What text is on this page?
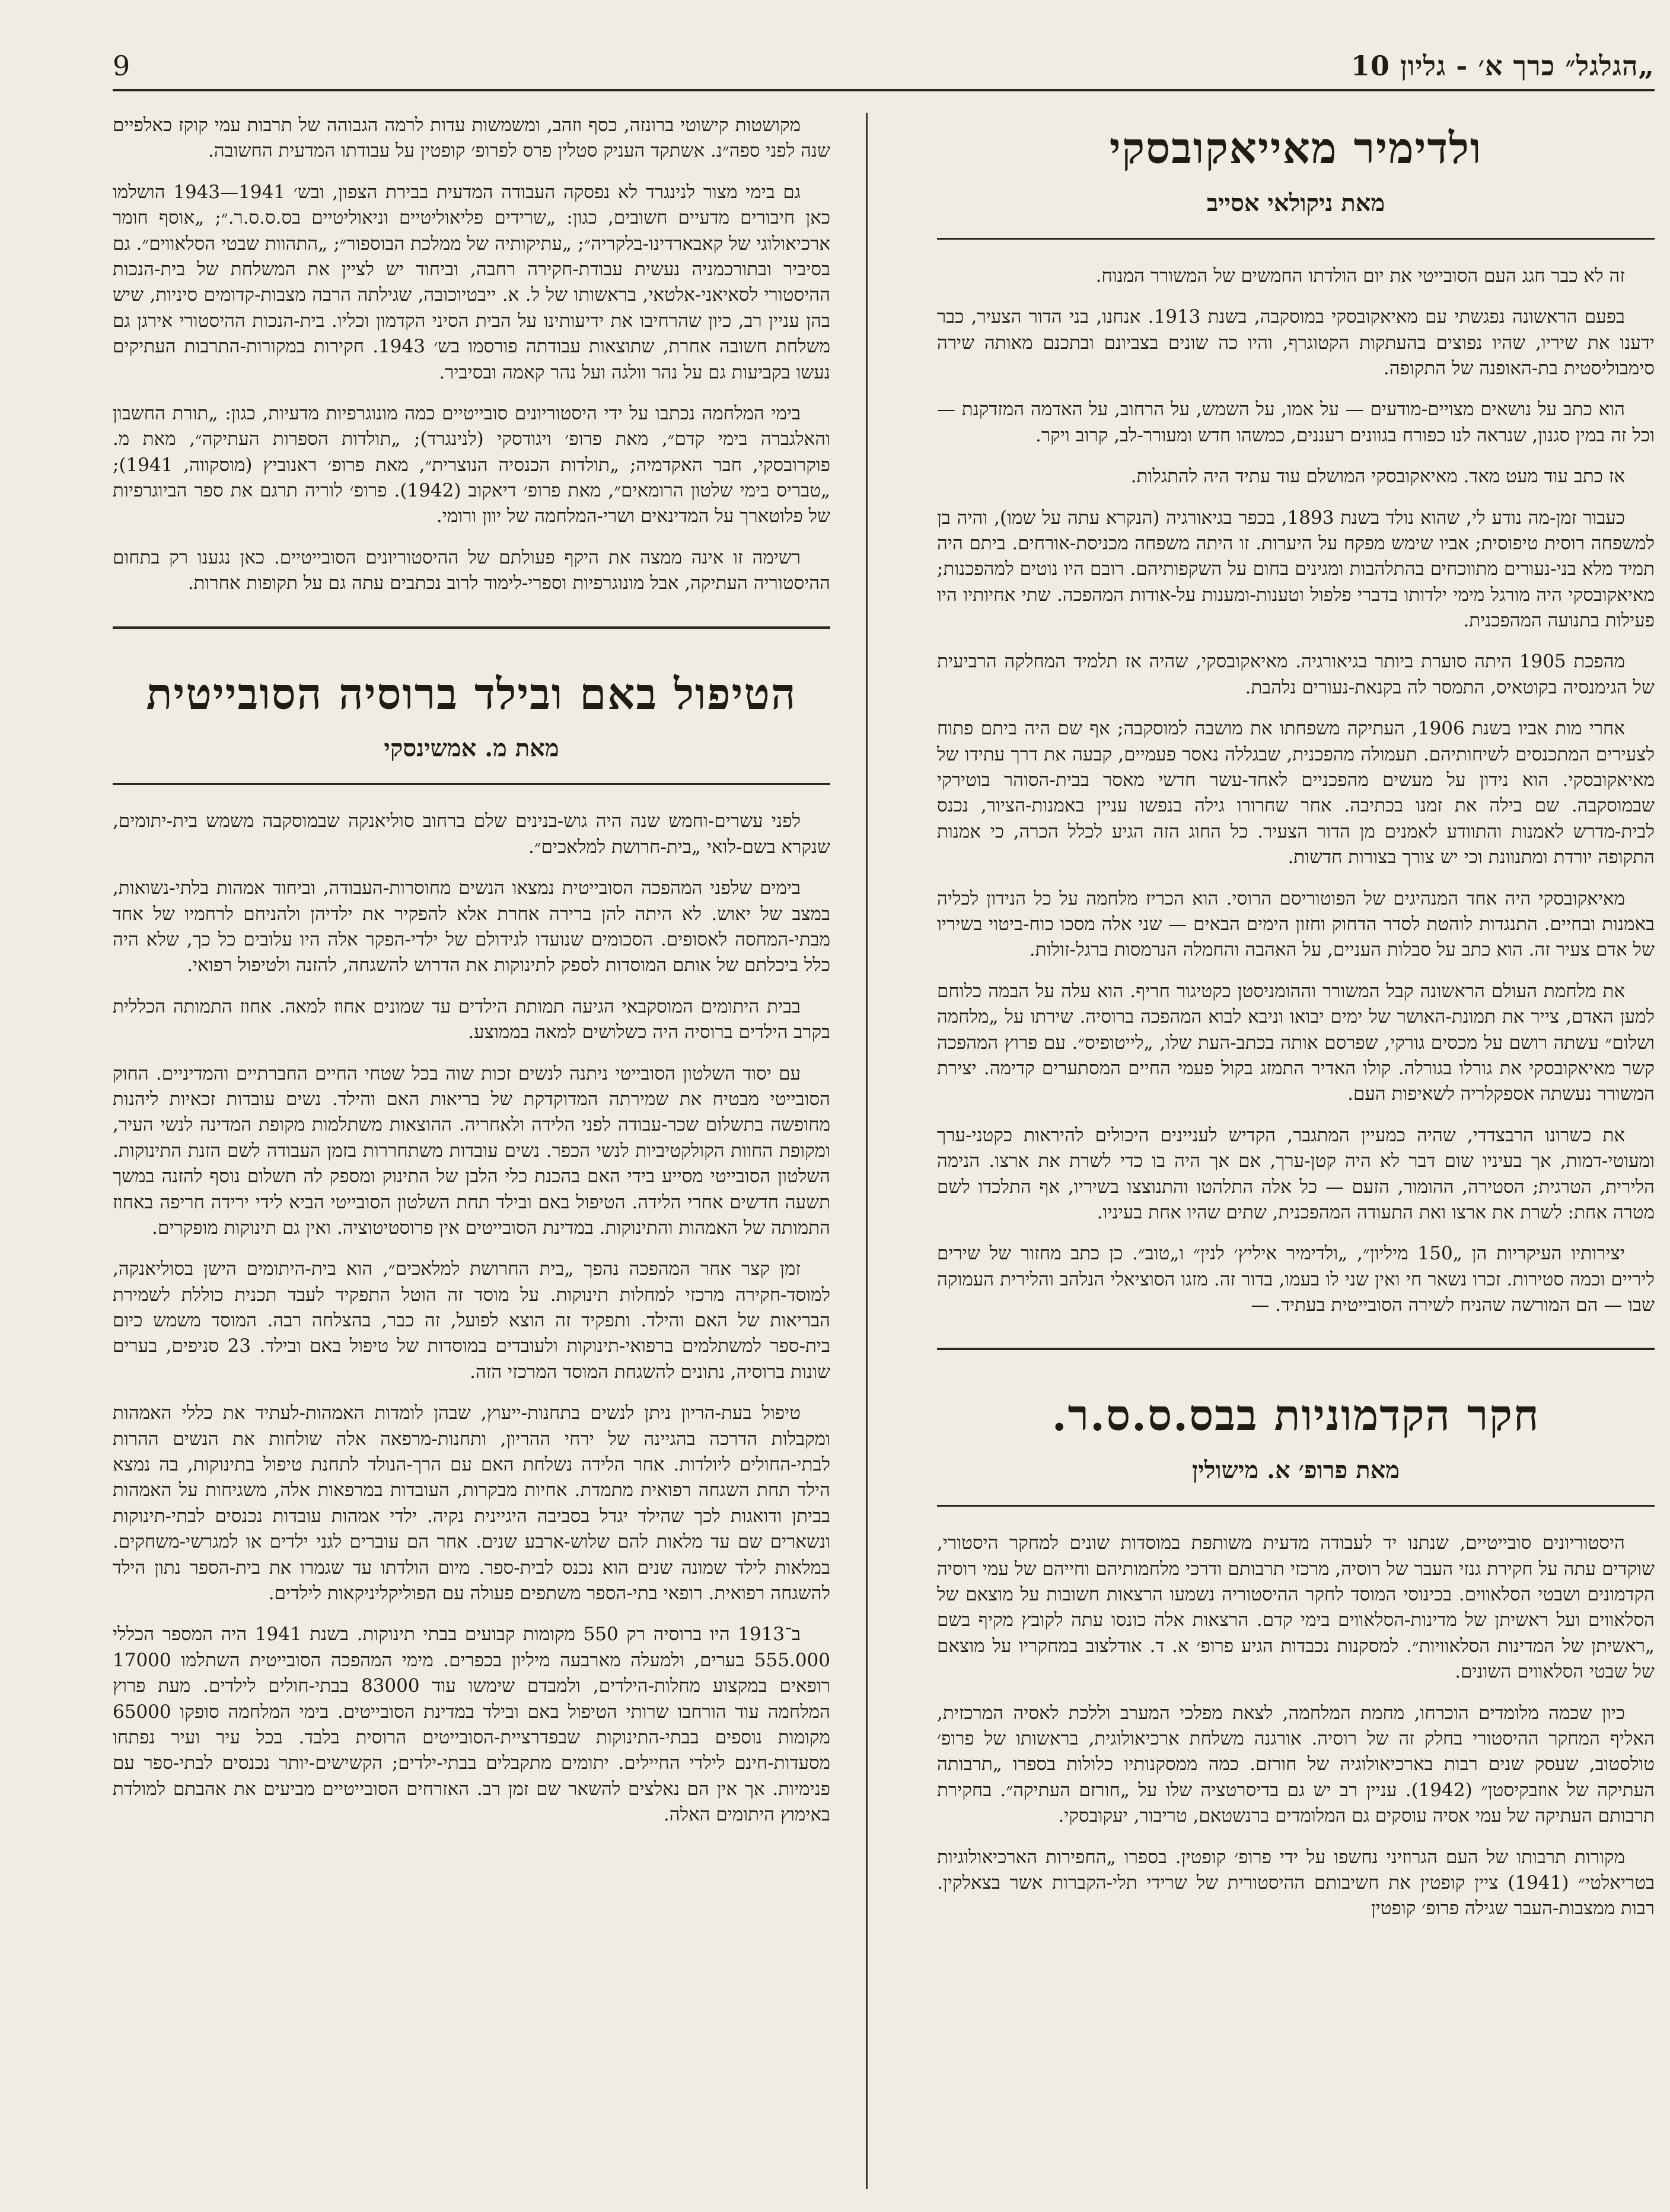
„הגלגל״ כרך א׳ - גליון 10
9
ולדימיר מאייאקובסקי
מאת ניקולאי אסייב

זה לא כבר חגג העם הסובייטי את יום הולדתו החמשים של המשורר המנוח.

בפעם הראשונה נפגשתי עם מאיאקובסקי במוסקבה, בשנת 1913. אנחנו, בני הדור הצעיר, כבר ידענו את שיריו, שהיו נפוצים בהעתקות הקטוגרף, והיו כה שונים בצביונם ובתכנם מאותה שירה סימבוליסטית בת-האופנה של התקופה.

הוא כתב על נושאים מצויים-מודעים — על אמו, על השמש, על הרחוב, על האדמה המזדקנת — וכל זה במין סגנון, שנראה לנו כפורח בגוונים רעננים, כמשהו חדש ומעורר-לב, קרוב ויקר.

אז כתב עוד מעט מאד. מאיאקובסקי המושלם עוד עתיד היה להתגלות.

כעבור זמן-מה נודע לי, שהוא נולד בשנת 1893, בכפר בגיאורגיה (הנקרא עתה על שמו), והיה בן למשפחה רוסית טיפוסית; אביו שימש מפקח על היערות. זו היתה משפחה מכניסת-אורחים. ביתם היה תמיד מלא בני-נעורים מתווכחים בהתלהבות ומגינים בחום על השקפותיהם. רובם היו נוטים למהפכנות; מאיאקובסקי היה מורגל מימי ילדותו בדברי פלפול וטענות-ומענות על-אודות המהפכה. שתי אחיותיו היו פעילות בתנועה המהפכנית.

מהפכת 1905 היתה סוערת ביותר בגיאורגיה. מאיאקובסקי, שהיה אז תלמיד המחלקה הרביעית של הגימנסיה בקוטאיס, התמסר לה בקנאת-נעורים נלהבת.

אחרי מות אביו בשנת 1906, העתיקה משפחתו את מושבה למוסקבה; אף שם היה ביתם פתוח לצעירים המתכנסים לשיחותיהם. תעמולה מהפכנית, שבגללה נאסר פעמיים, קבעה את דרך עתידו של מאיאקובסקי. הוא נידון על מעשים מהפכניים לאחד-עשר חדשי מאסר בבית-הסוהר בוטירקי שבמוסקבה. שם בילה את זמנו בכתיבה. אחר שחרורו גילה בנפשו עניין באמנות-הציור, נכנס לבית-מדרש לאמנות והתוודע לאמנים מן הדור הצעיר. כל החוג הזה הגיע לכלל הכרה, כי אמנות התקופה יורדת ומתנוונת וכי יש צורך בצורות חדשות.

מאיאקובסקי היה אחד המנהיגים של הפוטוריסם הרוסי. הוא הכריז מלחמה על כל הנידון לכליה באמנות ובחיים. התנגדות לוהטת לסדר הדחוק וחזון הימים הבאים — שני אלה מסכו כוח-ביטוי בשיריו של אדם צעיר זה. הוא כתב על סבלות העניים, על האהבה והחמלה הנרמסות ברגל-זולות.

את מלחמת העולם הראשונה קבל המשורר וההומניסטן כקטיגור חריף. הוא עלה על הבמה כלוחם למען האדם, צייר את תמונת-האושר של ימים יבואו וניבא לבוא המהפכה ברוסיה. שירתו על „מלחמה ושלום״ עשתה רושם על מכסים גורקי, שפרסם אותה בכתב-העת שלו, „לייטופיס״. עם פרוץ המהפכה קשר מאיאקובסקי את גורלו בגורלה. קולו האדיר התמזג בקול פעמי החיים המסתערים קדימה. יצירת המשורר נעשתה אספקלריה לשאיפות העם.

את כשרונו הרבצדדי, שהיה כמעיין המתגבר, הקדיש לעניינים היכולים להיראות כקטני-ערך ומעוטי-דמות, אך בעיניו שום דבר לא היה קטן-ערך, אם אך היה בו כדי לשרת את ארצו. הנימה הלירית, הטרגית; הסטירה, ההומור, הזעם — כל אלה התלהטו והתנוצצו בשיריו, אף התלכדו לשם מטרה אחת: לשרת את ארצו ואת התעודה המהפכנית, שתים שהיו אחת בעיניו.

יצירותיו העיקריות הן „150 מיליון״, „ולדימיר איליץ׳ לנין״ ו„טוב״. כן כתב מחזור של שירים ליריים וכמה סטירות. זכרו נשאר חי ואין שני לו בעמו, בדור זה. מזגו הסוציאלי הנלהב והלירית העמוקה שבו — הם המורשה שהניח לשירה הסובייטית בעתיד. —

חקר הקדמוניות בבס.ס.ס.ר.
מאת פרופ׳ א. מישולין

היסטוריונים סובייטיים, שנתנו יד לעבודה מדעית משותפת במוסדות שונים למחקר היסטורי, שוקדים עתה על חקירת גנזי העבר של רוסיה, מרכזי תרבותם ודרכי מלחמותיהם וחייהם של עמי רוסיה הקדמונים ושבטי הסלאווים. בכינוסי המוסד לחקר ההיסטוריה נשמעו הרצאות חשובות על מוצאם של הסלאווים ועל ראשיתן של מדינות-הסלאווים בימי קדם. הרצאות אלה כונסו עתה לקובץ מקיף בשם „ראשיתן של המדינות הסלאוויות״. למסקנות נכבדות הגיע פרופ׳ א. ד. אודלצוב במחקריו על מוצאם של שבטי הסלאווים השונים.

כיון שכמה מלומדים הוכרחו, מחמת המלחמה, לצאת מפלכי המערב וללכת לאסיה המרכזית, האליף המחקר ההיסטורי בחלק זה של רוסיה. אורגנה משלחת ארכיאולוגית, בראשותו של פרופ׳ טולסטוב, שעסק שנים רבות בארכיאולוגיה של חורזם. כמה ממסקנותיו כלולות בספרו „תרבותה העתיקה של אוזבקיסטן״ (1942). עניין רב יש גם בדיסרטציה שלו על „חורזם העתיקה״. בחקירת תרבותם העתיקה של עמי אסיה עוסקים גם המלומדים ברנשטאם, טריבור, יעקובסקי.

מקורות תרבותו של העם הגרוזיני נחשפו על ידי פרופ׳ קופטין. בספרו „החפירות הארכיאולוגיות בטריאלטי״ (1941) ציין קופטין את חשיבותם ההיסטורית של שרידי תלי-הקברות אשר בצאלקין. רבות ממצבות-העבר שגילה פרופ׳ קופטין

מקושטות קישוטי ברונזה, כסף וזהב, ומשמשות עדות לרמה הגבוהה של תרבות עמי קוקז כאלפיים שנה לפני ספה״נ. אשתקד העניק סטלין פרס לפרופ׳ קופטין על עבודתו המדעית החשובה.

גם בימי מצור לנינגרד לא נפסקה העבודה המדעית בבירת הצפון, ובש׳ 1941—1943 הושלמו כאן חיבורים מדעיים חשובים, כגון: „שרידים פליאוליטיים וניאוליטיים בס.ס.ס.ר.״; „אוסף חומר ארכיאולוגי של קאבארדינו-בלקריה״; „עתיקותיה של ממלכת הבוספור״; „התהוות שבטי הסלאווים״. גם בסיביר ובתורכמניה נעשית עבודת-חקירה רחבה, וביחוד יש לציין את המשלחת של בית-הנכות ההיסטורי לסאיאני-אלטאי, בראשותו של ל. א. ייבטיוכובה, שגילתה הרבה מצבות-קדומים סיניות, שיש בהן עניין רב, כיון שהרחיבו את ידיעותינו על הבית הסיני הקדמון וכליו. בית-הנכות ההיסטורי אירגן גם משלחת חשובה אחרת, שתוצאות עבודתה פורסמו בש׳ 1943. חקירות במקורות-התרבות העתיקים נעשו בקביעות גם על נהר וולגה ועל נהר קאמה ובסיביר.

בימי המלחמה נכתבו על ידי היסטוריונים סובייטיים כמה מונוגרפיות מדעיות, כגון: „תורת החשבון והאלגברה בימי קדם״, מאת פרופ׳ ויגודסקי (לנינגרד); „תולדות הספרות העתיקה״, מאת מ. פוקרובסקי, חבר האקדמיה; „תולדות הכנסיה הנוצרית״, מאת פרופ׳ ראנוביץ (מוסקווה, 1941); „טבריס בימי שלטון הרומאים״, מאת פרופ׳ דיאקוב (1942). פרופ׳ לוריה תרגם את ספר הביוגרפיות של פלוטארך על המדינאים ושרי-המלחמה של יוון ורומי.

רשימה זו אינה ממצה את היקף פעולתם של ההיסטוריונים הסובייטיים. כאן נגענו רק בתחום ההיסטוריה העתיקה, אבל מונוגרפיות וספרי-לימוד לרוב נכתבים עתה גם על תקופות אחרות.

הטיפול באם ובילד ברוסיה הסובייטית
מאת מ. אמשינסקי

לפני עשרים-וחמש שנה היה גוש-בנינים שלם ברחוב סוליאנקה שבמוסקבה משמש בית-יתומים, שנקרא בשם-לואי „בית-חרושת למלאכים״.

בימים שלפני המהפכה הסובייטית נמצאו הנשים מחוסרות-העבודה, וביחוד אמהות בלתי-נשואות, במצב של יאוש. לא היתה להן ברירה אחרת אלא להפקיר את ילדיהן ולהניחם לרחמיו של אחד מבתי-המחסה לאסופים. הסכומים שנועדו לגידולם של ילדי-הפקר אלה היו עלובים כל כך, שלא היה כלל ביכלתם של אותם המוסדות לספק לתינוקות את הדרוש להשגחה, להזנה ולטיפול רפואי.

בבית היתומים המוסקבאי הגיעה תמותת הילדים עד שמונים אחוז למאה. אחוז התמותה הכללית בקרב הילדים ברוסיה היה כשלושים למאה בממוצע.

עם יסוד השלטון הסובייטי ניתנה לנשים זכות שוה בכל שטחי החיים החברתיים והמדיניים. החוק הסובייטי מבטיח את שמירתה המדוקדקת של בריאות האם והילד. נשים עובדות זכאיות ליהנות מחופשה בתשלום שכר-עבודה לפני הלידה ולאחריה. ההוצאות משתלמות מקופת המדינה לנשי העיר, ומקופת החוות הקולקטיביות לנשי הכפר. נשים עובדות משתחררות בזמן העבודה לשם הזנת התינוקות. השלטון הסובייטי מסייע בידי האם בהכנת כלי הלבן של התינוק ומספק לה תשלום נוסף להזנה במשך תשעה חדשים אחרי הלידה. הטיפול באם ובילד תחת השלטון הסובייטי הביא לידי ירידה חריפה באחוז התמותה של האמהות והתינוקות. במדינת הסובייטים אין פרוסטיטוציה. ואין גם תינוקות מופקרים.

זמן קצר אחר המהפכה נהפך „בית החרושת למלאכים״, הוא בית-היתומים הישן בסוליאנקה, למוסד-חקירה מרכזי למחלות תינוקות. על מוסד זה הוטל התפקיד לעבד תכנית כוללת לשמירת הבריאות של האם והילד. ותפקיד זה הוצא לפועל, זה כבר, בהצלחה רבה. המוסד משמש כיום בית-ספר למשתלמים ברפואי-תינוקות ולעובדים במוסדות של טיפול באם ובילד. 23 סניפים, בערים שונות ברוסיה, נתונים להשגחת המוסד המרכזי הזה.

טיפול בעת-הריון ניתן לנשים בתחנות-ייעוץ, שבהן לומדות האמהות-לעתיד את כללי האמהות ומקבלות הדרכה בהגיינה של ירחי ההריון, ותחנות-מרפאה אלה שולחות את הנשים ההרות לבתי-החולים ליולדות. אחר הלידה נשלחת האם עם הרך-הנולד לתחנת טיפול בתינוקות, בה נמצא הילד תחת השגחה רפואית מתמדת. אחיות מבקרות, העובדות במרפאות אלה, משגיחות על האמהות בביתן ודואגות לכך שהילד יגדל בסביבה היגיינית נקיה. ילדי אמהות עובדות נכנסים לבתי-תינוקות ונשארים שם עד מלאות להם שלוש-ארבע שנים. אחר הם עוברים לגני ילדים או למגרשי-משחקים. במלאות לילד שמונה שנים הוא נכנס לבית-ספר. מיום הולדתו עד שגמרו את בית-הספר נתון הילד להשגחה רפואית. רופאי בתי-הספר משתפים פעולה עם הפוליקליניקאות לילדים.

ב־1913 היו ברוסיה רק 550 מקומות קבועים בבתי תינוקות. בשנת 1941 היה המספר הכללי 555.000 בערים, ולמעלה מארבעה מיליון בכפרים. מימי המהפכה הסובייטית השתלמו 17000 רופאים במקצוע מחלות-הילדים, ולמבדם שימשו עוד 83000 בבתי-חולים לילדים. מעת פרוץ המלחמה עוד הורחבו שרותי הטיפול באם ובילד במדינת הסובייטים. בימי המלחמה סופקו 65000 מקומות נוספים בבתי-התינוקות שבפדרציית-הסובייטים הרוסית בלבד. בכל עיר ועיר נפתחו מסעדות-חינם לילדי החיילים. יתומים מתקבלים בבתי-ילדים; הקשישים-יותר נכנסים לבתי-ספר עם פנימיות. אך אין הם נאלצים להשאר שם זמן רב. האזרחים הסובייטיים מביעים את אהבתם למולדת באימוץ היתומים האלה.
